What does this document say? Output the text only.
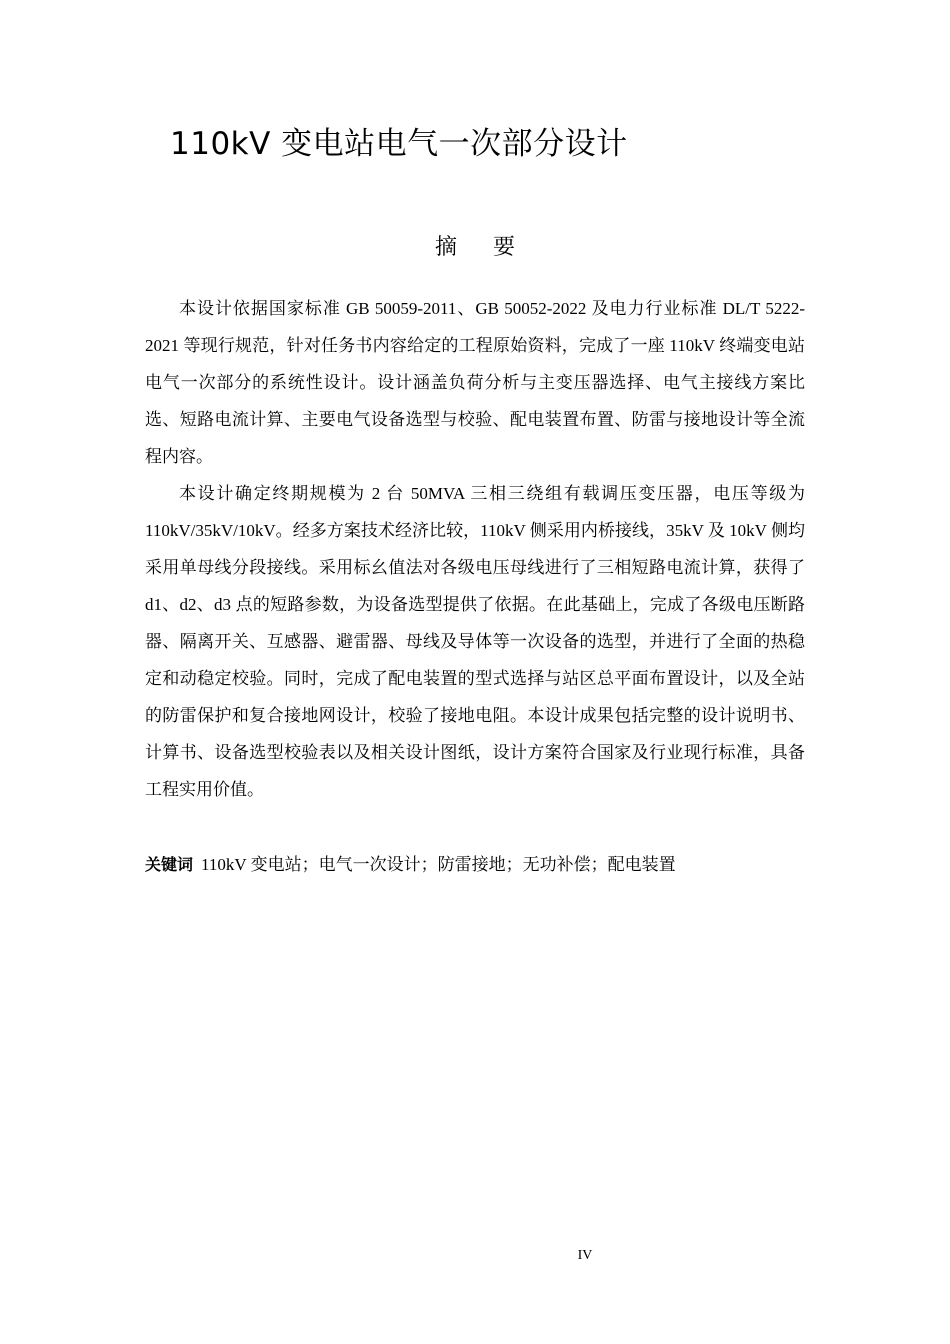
110kV 变电站电气一次部分设计
摘要

本设计依据国家标准 GB 50059-2011、GB 50052-2022 及电力行业标准 DL/T 5222-2021 等现行规范，针对任务书内容给定的工程原始资料，完成了一座 110kV 终端变电站电气一次部分的系统性设计。设计涵盖负荷分析与主变压器选择、电气主接线方案比选、短路电流计算、主要电气设备选型与校验、配电装置布置、防雷与接地设计等全流程内容。

本设计确定终期规模为 2 台 50MVA 三相三绕组有载调压变压器，电压等级为 110kV/35kV/10kV。经多方案技术经济比较，110kV 侧采用内桥接线，35kV 及 10kV 侧均采用单母线分段接线。采用标幺值法对各级电压母线进行了三相短路电流计算，获得了 d1、d2、d3 点的短路参数，为设备选型提供了依据。在此基础上，完成了各级电压断路器、隔离开关、互感器、避雷器、母线及导体等一次设备的选型，并进行了全面的热稳定和动稳定校验。同时，完成了配电装置的型式选择与站区总平面布置设计，以及全站的防雷保护和复合接地网设计，校验了接地电阻。本设计成果包括完整的设计说明书、计算书、设备选型校验表以及相关设计图纸，设计方案符合国家及行业现行标准，具备工程实用价值。

关键词 110kV 变电站；电气一次设计；防雷接地；无功补偿；配电装置
IV
